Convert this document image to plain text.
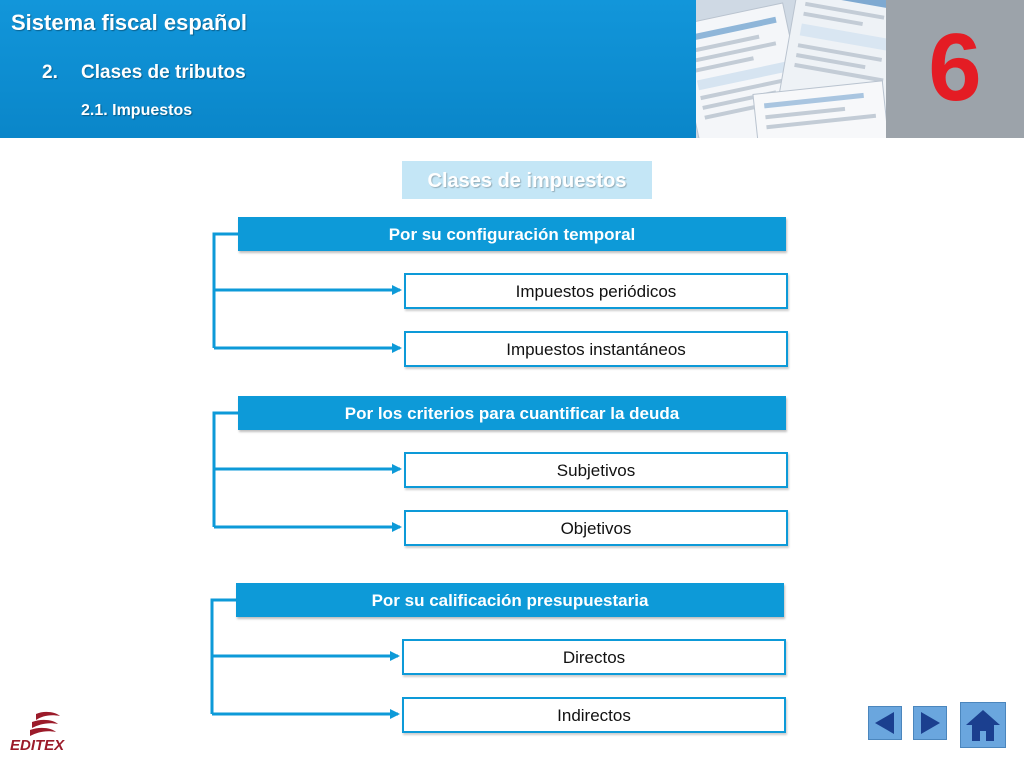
Sistema fiscal español
2. Clases de tributos
2.1. Impuestos	6
Clases de impuestos
Por su configuración temporal
Impuestos periódicos
Impuestos instantáneos
Por los criterios para cuantificar la deuda
Subjetivos
Objetivos
Por su calificación presupuestaria
Directos
Indirectos
EDITEX
